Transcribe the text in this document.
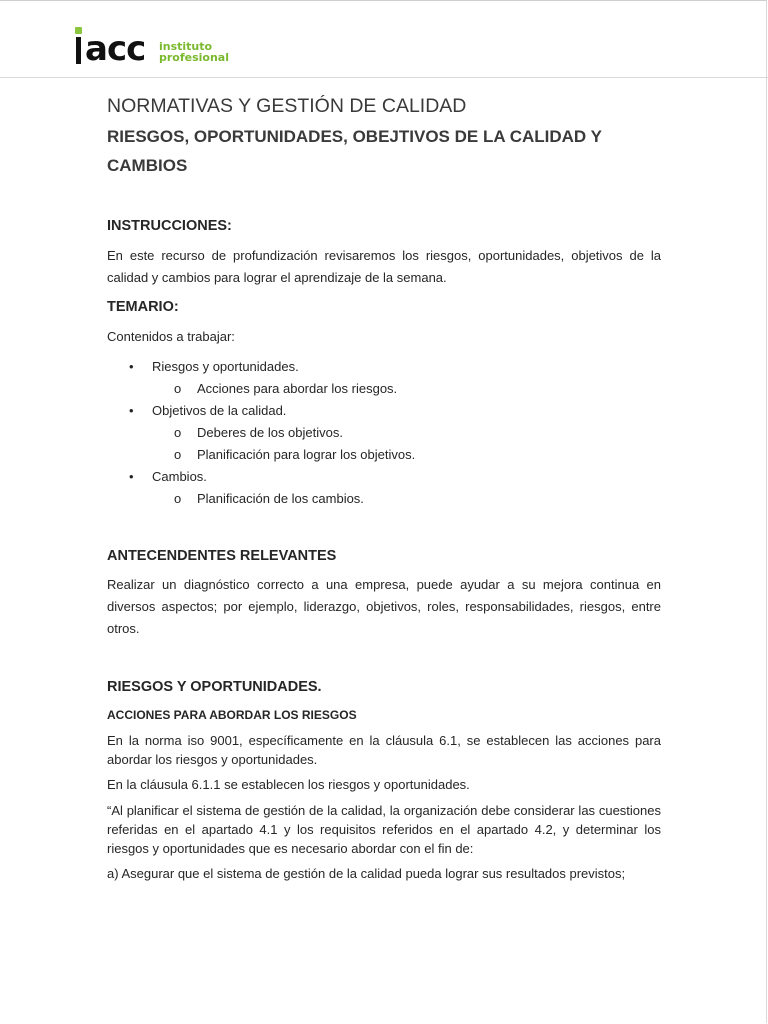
acc instituto
profesional

NORMATIVAS Y GESTIÓN DE CALIDAD

RIESGOS, OPORTUNIDADES, OBEJTIVOS DE LA CALIDAD Y

CAMBIOS

INSTRUCCIONES:

En este recurso de profundización revisaremos los riesgos, oportunidades, objetivos de la calidad y cambios para lograr el aprendizaje de la semana.

TEMARIO:

Contenidos a trabajar:

• Riesgos y oportunidades.
o Acciones para abordar los riesgos.
• Objetivos de la calidad.
o Deberes de los objetivos.
o Planificación para lograr los objetivos.
• Cambios.
o Planificación de los cambios.

ANTECENDENTES RELEVANTES

Realizar un diagnóstico correcto a una empresa, puede ayudar a su mejora continua en diversos aspectos; por ejemplo, liderazgo, objetivos, roles, responsabilidades, riesgos, entre otros.

RIESGOS Y OPORTUNIDADES.

ACCIONES PARA ABORDAR LOS RIESGOS

En la norma iso 9001, específicamente en la cláusula 6.1, se establecen las acciones para abordar los riesgos y oportunidades.

En la cláusula 6.1.1 se establecen los riesgos y oportunidades.

“Al planificar el sistema de gestión de la calidad, la organización debe considerar las cuestiones referidas en el apartado 4.1 y los requisitos referidos en el apartado 4.2, y determinar los riesgos y oportunidades que es necesario abordar con el fin de:

a) Asegurar que el sistema de gestión de la calidad pueda lograr sus resultados previstos;
